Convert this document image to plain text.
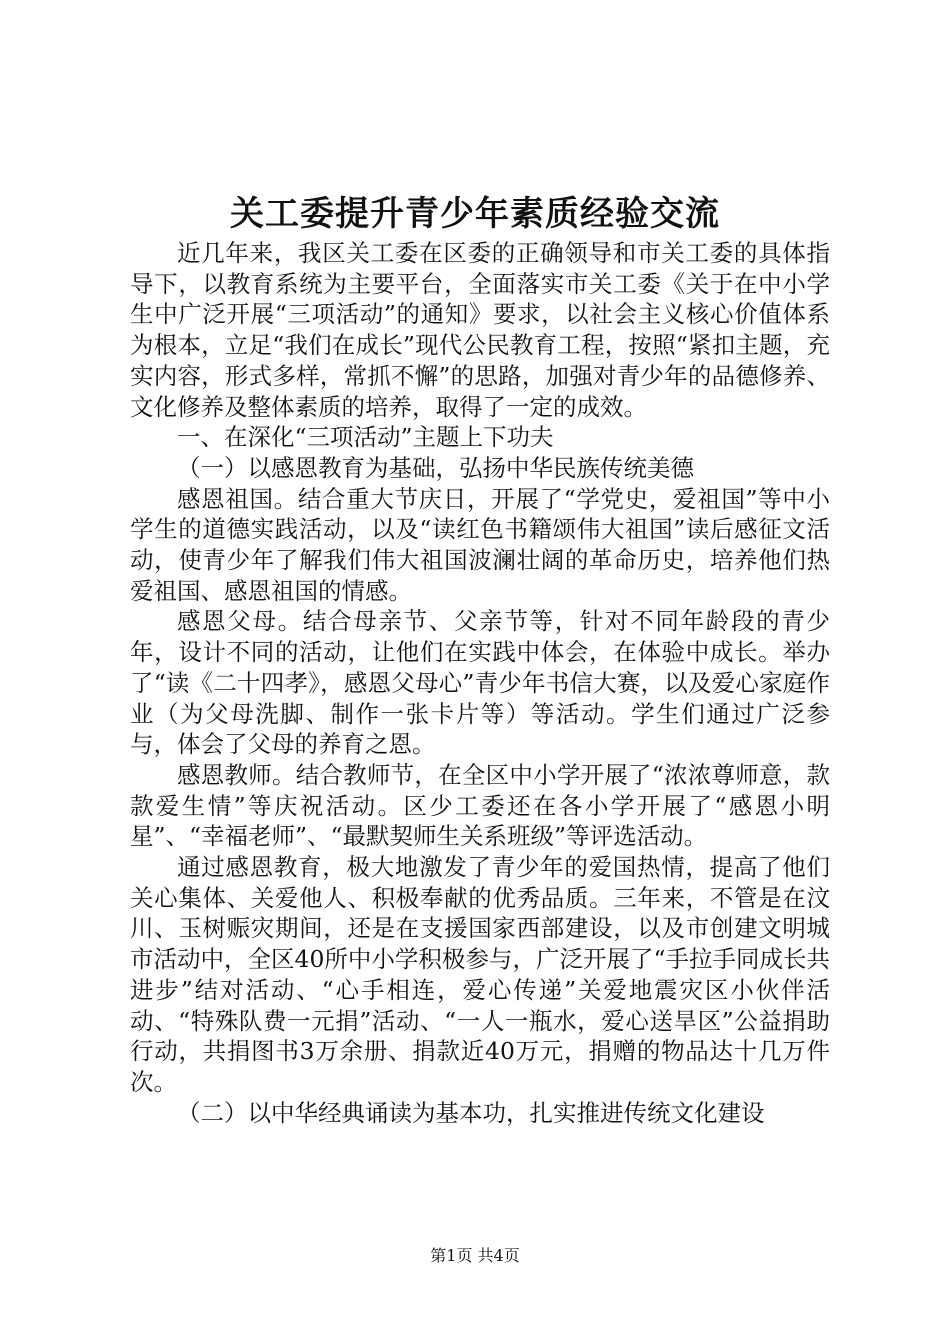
关工委提升青少年素质经验交流

近几年来，我区关工委在区委的正确领导和市关工委的具体指导下，以教育系统为主要平台，全面落实市关工委《关于在中小学生中广泛开展“三项活动”的通知》要求，以社会主义核心价值体系为根本，立足“我们在成长”现代公民教育工程，按照“紧扣主题，充实内容，形式多样，常抓不懈”的思路，加强对青少年的品德修养、文化修养及整体素质的培养，取得了一定的成效。

一、在深化“三项活动”主题上下功夫

（一）以感恩教育为基础，弘扬中华民族传统美德

感恩祖国。结合重大节庆日，开展了“学党史，爱祖国”等中小学生的道德实践活动，以及“读红色书籍颂伟大祖国”读后感征文活动，使青少年了解我们伟大祖国波澜壮阔的革命历史，培养他们热爱祖国、感恩祖国的情感。

感恩父母。结合母亲节、父亲节等，针对不同年龄段的青少年，设计不同的活动，让他们在实践中体会，在体验中成长。举办了“读《二十四孝》，感恩父母心”青少年书信大赛，以及爱心家庭作业（为父母洗脚、制作一张卡片等）等活动。学生们通过广泛参与，体会了父母的养育之恩。

感恩教师。结合教师节，在全区中小学开展了“浓浓尊师意，款款爱生情”等庆祝活动。区少工委还在各小学开展了“感恩小明星”、“幸福老师”、“最默契师生关系班级”等评选活动。

通过感恩教育，极大地激发了青少年的爱国热情，提高了他们关心集体、关爱他人、积极奉献的优秀品质。三年来，不管是在汶川、玉树赈灾期间，还是在支援国家西部建设，以及市创建文明城市活动中，全区40所中小学积极参与，广泛开展了“手拉手同成长共进步”结对活动、“心手相连，爱心传递”关爱地震灾区小伙伴活动、“特殊队费一元捐”活动、“一人一瓶水，爱心送旱区”公益捐助行动，共捐图书3万余册、捐款近40万元，捐赠的物品达十几万件次。

（二）以中华经典诵读为基本功，扎实推进传统文化建设

第1页 共4页
